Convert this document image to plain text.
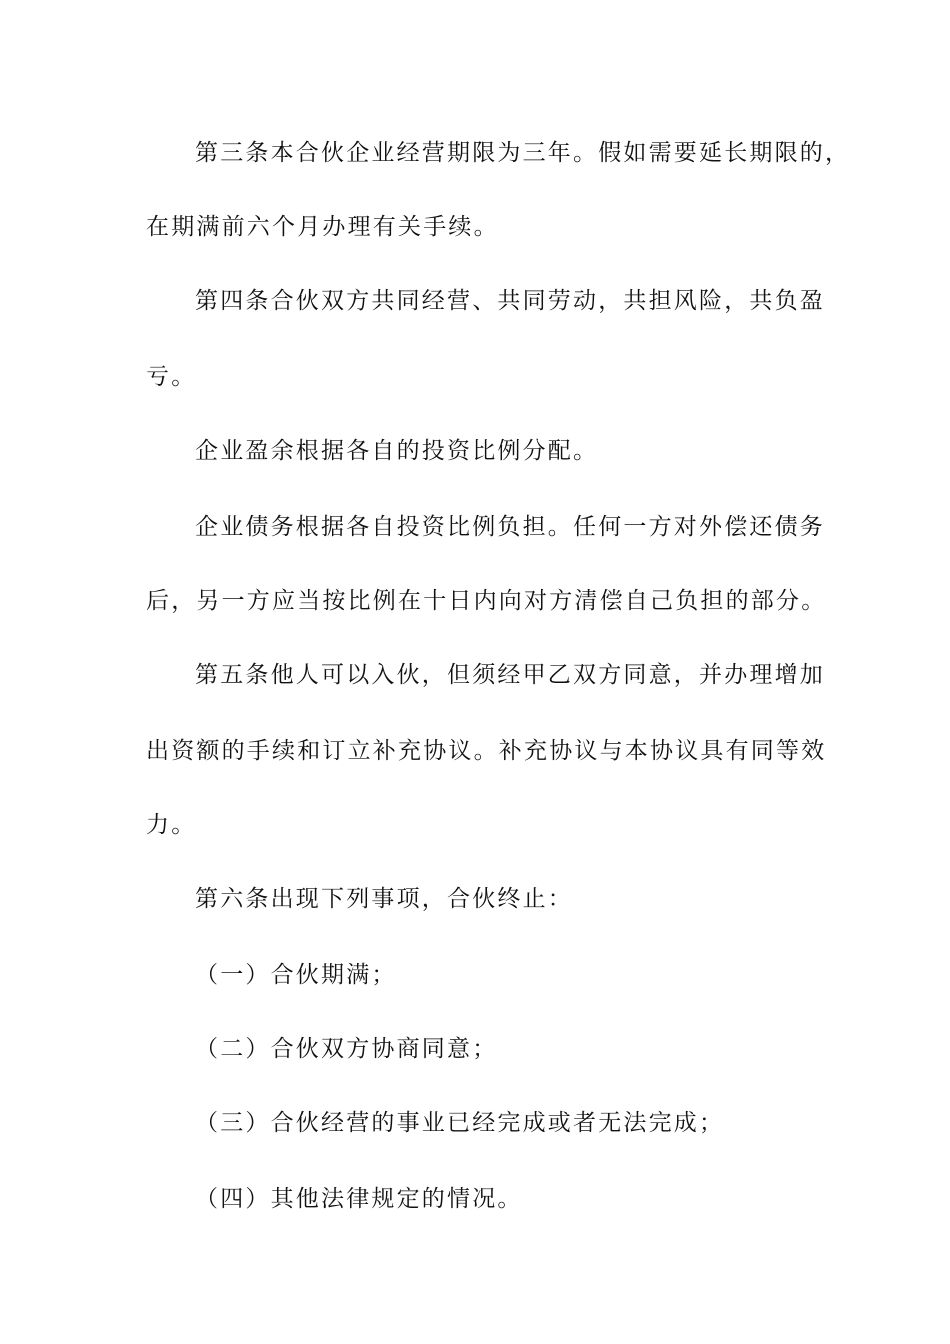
第三条本合伙企业经营期限为三年。假如需要延长期限的，
在期满前六个月办理有关手续。
第四条合伙双方共同经营、共同劳动，共担风险，共负盈
亏。
企业盈余根据各自的投资比例分配。
企业债务根据各自投资比例负担。任何一方对外偿还债务
后，另一方应当按比例在十日内向对方清偿自己负担的部分。
第五条他人可以入伙，但须经甲乙双方同意，并办理增加
出资额的手续和订立补充协议。补充协议与本协议具有同等效
力。
第六条出现下列事项，合伙终止：
（一）合伙期满；
（二）合伙双方协商同意；
（三）合伙经营的事业已经完成或者无法完成；
（四）其他法律规定的情况。
